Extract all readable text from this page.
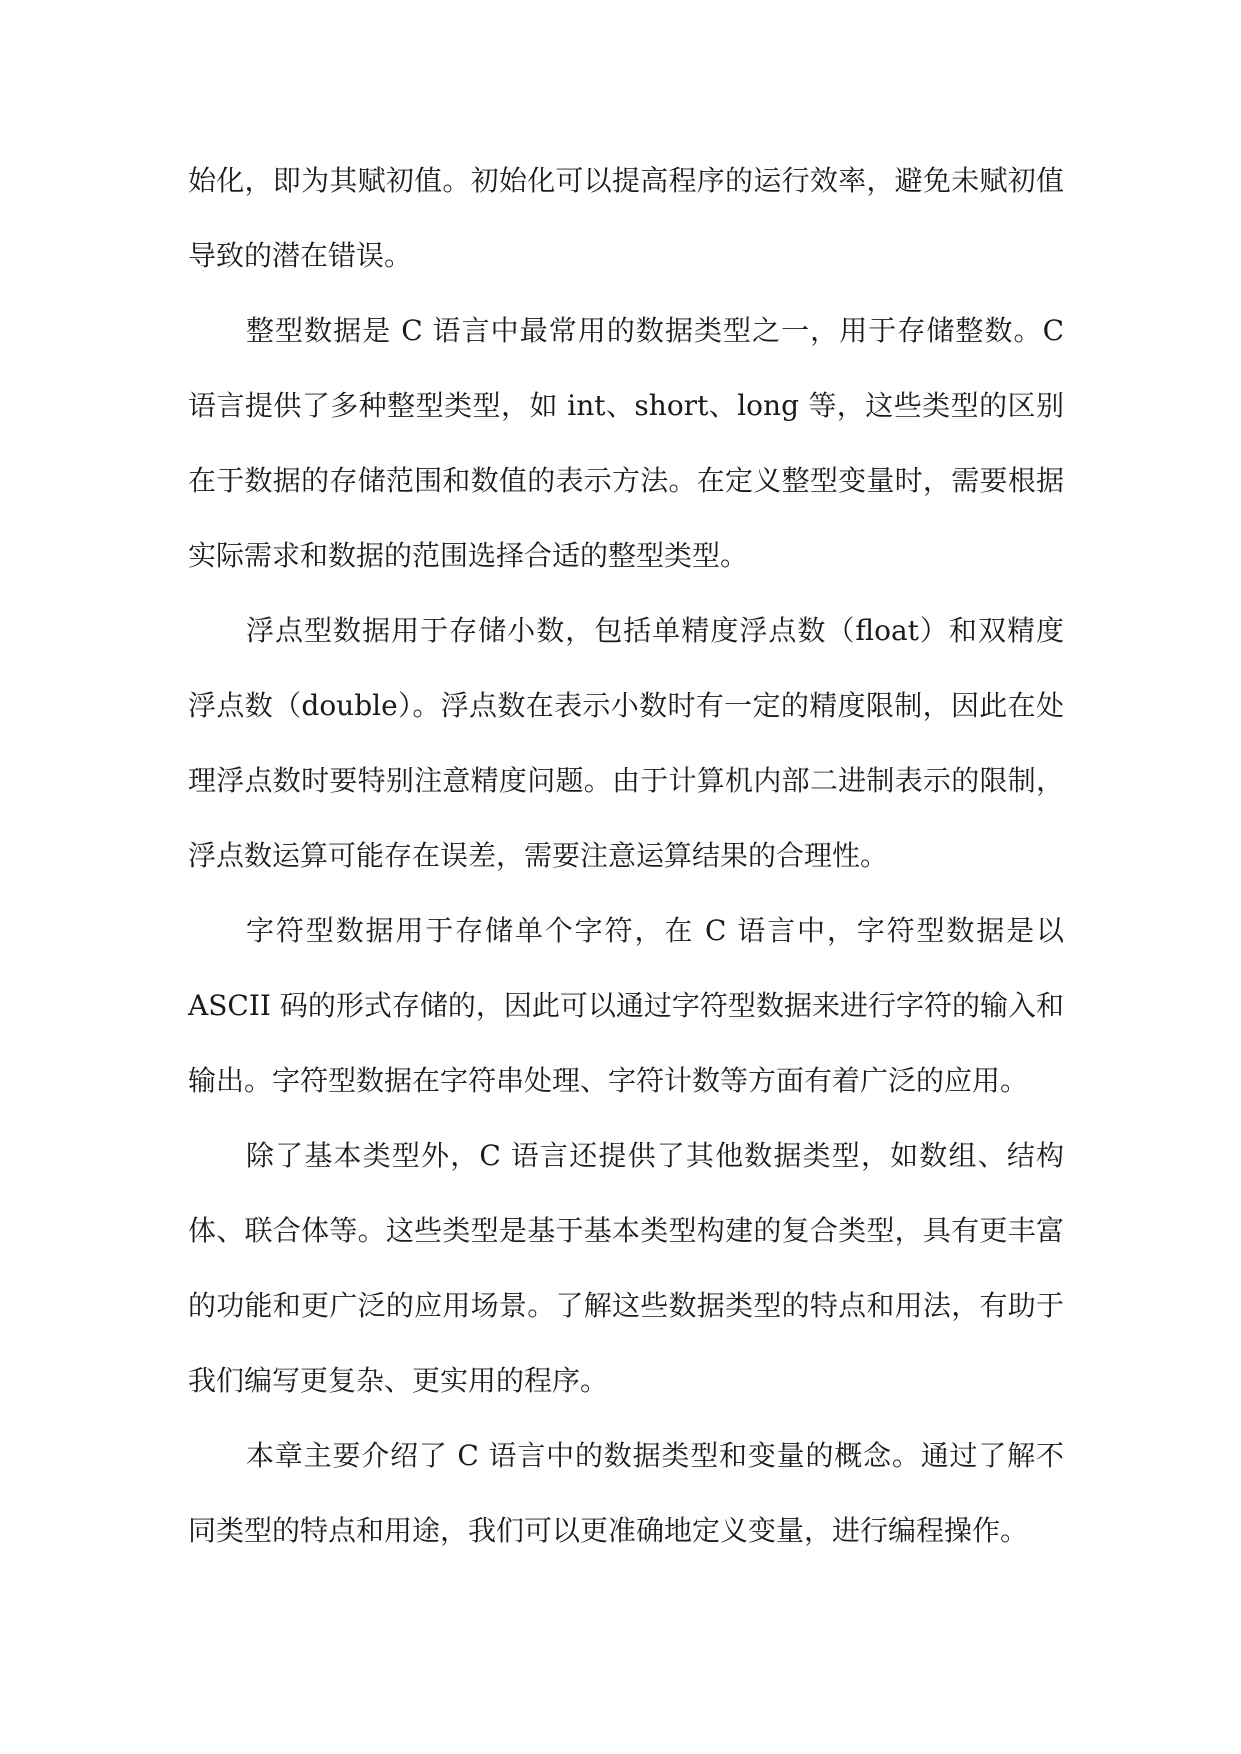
始化，即为其赋初值。初始化可以提高程序的运行效率，避免未赋初值导致的潜在错误。

整型数据是 C 语言中最常用的数据类型之一，用于存储整数。C 语言提供了多种整型类型，如 int、short、long 等，这些类型的区别在于数据的存储范围和数值的表示方法。在定义整型变量时，需要根据实际需求和数据的范围选择合适的整型类型。

浮点型数据用于存储小数，包括单精度浮点数（float）和双精度浮点数（double）。浮点数在表示小数时有一定的精度限制，因此在处理浮点数时要特别注意精度问题。由于计算机内部二进制表示的限制，浮点数运算可能存在误差，需要注意运算结果的合理性。

字符型数据用于存储单个字符，在 C 语言中，字符型数据是以 ASCII 码的形式存储的，因此可以通过字符型数据来进行字符的输入和输出。字符型数据在字符串处理、字符计数等方面有着广泛的应用。

除了基本类型外，C 语言还提供了其他数据类型，如数组、结构体、联合体等。这些类型是基于基本类型构建的复合类型，具有更丰富的功能和更广泛的应用场景。了解这些数据类型的特点和用法，有助于我们编写更复杂、更实用的程序。

本章主要介绍了 C 语言中的数据类型和变量的概念。通过了解不同类型的特点和用途，我们可以更准确地定义变量，进行编程操作。
